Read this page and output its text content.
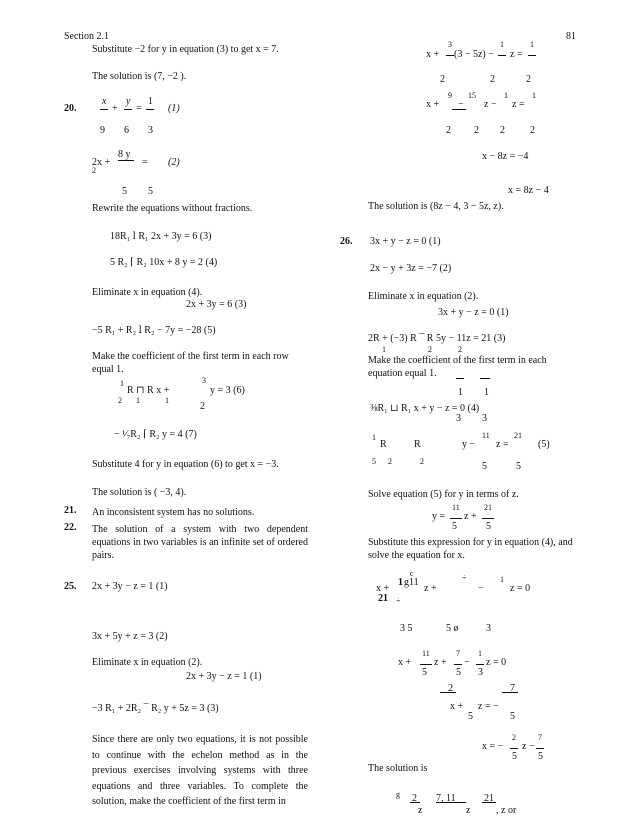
Section 2.1	81
Substitute −2 for y in equation (3) to get x = 7.
The solution is (7, −2 ).
20.
x
+
y
=
1
(1)
9 6 3
8 y
2x +	= (2)
2
5 5
Rewrite the equations without fractions.
18R₁ ⅼ R₁ 2x + 3y = 6 (3)
5 R₂ ⌈ R₂ 10x + 8 y = 2 (4)
Eliminate x in equation (4).
2x + 3y = 6 (3)
−5 R₁ + R₂ ⅼ R₂ − 7y = −28 (5)
Make the coefficient of the first term in each row
equal 1.
1
R ⊓ R x +
3
y = 3 (6)
2 1	1
2
− ¹⁄₇R₂ ⌈ R₂ y = 4 (7)
Substitute 4 for y in equation (6) to get x = −3.
The solution is ( −3, 4).
21.
22.
25. 2x + 3y − z = 1 (1)
3x + 5y + z = 3 (2)
Eliminate x in equation (2).
2x + 3y − z = 1 (1)
−3 R₁ + 2R₂ ¯ R₂ y + 5z = 3 (3)
x +
3
(3 − 5z) −
1
z =
1
2	2	2
x +
9
−
15
z −
1
z =
1
2 2 2	2
x − 8z = −4
x = 8z − 4
The solution is (8z − 4, 3 − 5z, z).
26. 3x + y − z = 0 (1)
2x − y + 3z = −7 (2)
Eliminate x in equation (2).
3x + y − z = 0 (1)
2R + (−3) R ¯ R 5y − 11z = 21 (3)
1	2	2
Make the coefficient of the first term in each
equation equal 1.
1 1
⅜R₁ ⊔ R₁ x + y − z = 0 (4)
3 3
1
R	R	y −
11
z =
21
(5)
5 2	2	5	5
Solve equation (5) for y in terms of z.
y =
11
z +
21
5	5
Substitute this expression for y in equation (4), and
solve the equation for x.
c
x +
1 g11
z +
÷
−
1
z = 0
21 ÷
3 5	5 ø	3
x +
11
z +
7
−
1
z = 0
5	5 3
2	7
x + z = −
5	5
x = −
2
z −
7
5 5
The solution is
g 2 7, 11	21
z	z	, z or
An inconsistent system has no solutions.
The solution of a system with two dependent equations in two variables is an infinite set of ordered pairs.
Since there are only two equations, it is not possible to continue with the echelon method as in the previous exercises involving systems with three equations and three variables. To complete the solution, make the coefficient of the first term in
